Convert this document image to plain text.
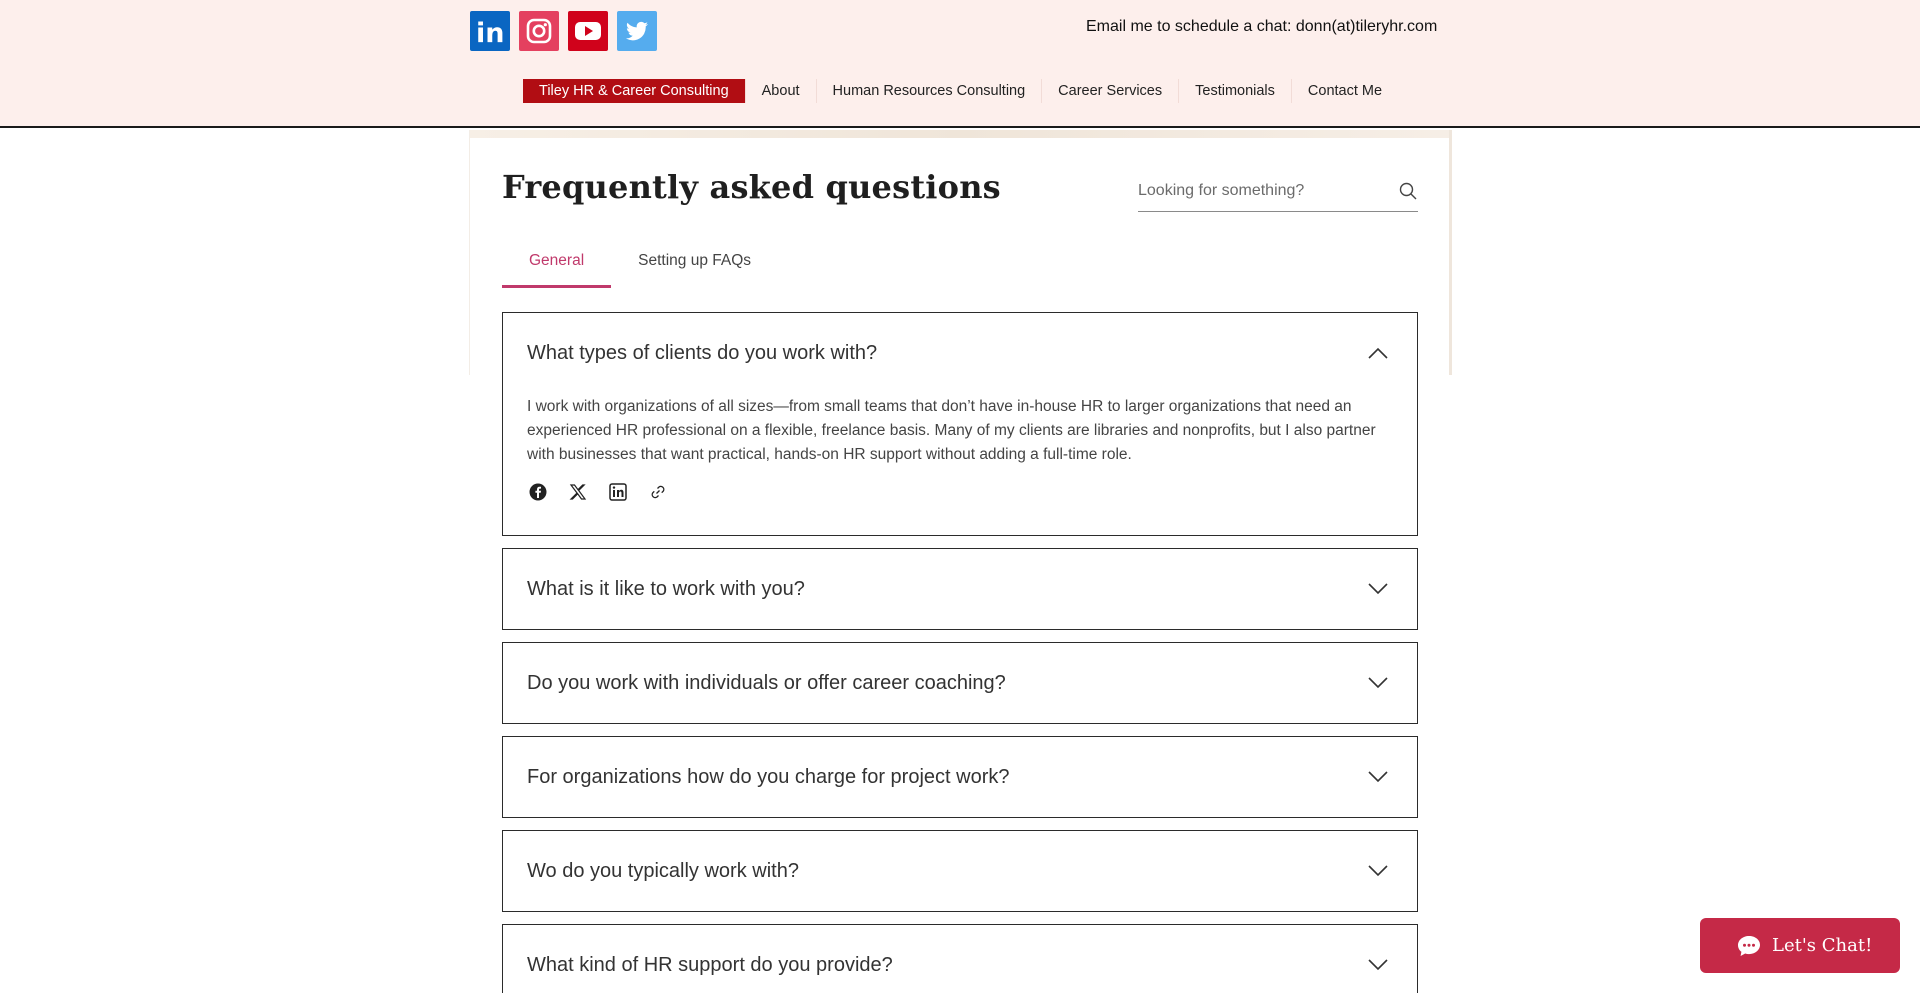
in	Email me to schedule a chat: donn(at)tileryhr.com
Tiley HR & Career Consulting	About	Human Resources Consulting	Career Services	Testimonials	Contact Me
Frequently asked questions
Looking for something?
General	Setting up FAQs
What types of clients do you work with?
I work with organizations of all sizes—from small teams that don’t have in-house HR to larger organizations that need an experienced HR professional on a flexible, freelance basis. Many of my clients are libraries and nonprofits, but I also partner with businesses that want practical, hands-on HR support without adding a full-time role.
What is it like to work with you?
Do you work with individuals or offer career coaching?
For organizations how do you charge for project work?
Wo do you typically work with?
What kind of HR support do you provide?
Let's Chat!
